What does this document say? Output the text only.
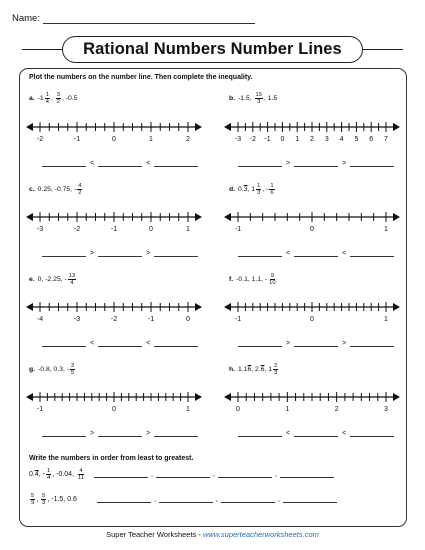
Name:
Rational Numbers Number Lines
Plot the numbers on the number line. Then complete the inequality.
a. $-1 \frac{1}{4}$ , $\frac{3}{2}$ , -0.5	b. -1.5, $\frac{15}{3}$ , 1.5
c. 0.25, -0.75, - $\frac{4}{2}$	d. 0.3, $1 \frac{1}{3}$ , - $\frac{1}{6}$
e. 0, -2.25, - $\frac{13}{4}$	f. -0.1, 1.1, - $\frac{9}{10}$
g. -0.8, 0.3, - $\frac{3}{5}$	h. 1.16, 2.6, $1 \frac{2}{3}$
-2	-1	0	1	2	-3 -2 -1 0 1 2 3 4 5 6 7
-3	-2	-1	0	1	-1	0	1
-4	-3	-2	-1	0	-1	0	1
-1	0	1	0	1	2	3
<	<	>	>
>	>	<	<
<	<	>	>
>	>	<	<
Write the numbers in order from least to greatest.
0.4, - $\frac{1}{4}$ , -0.04, $\frac{4}{11}$	,	,	,
$\frac{5}{9}$ , $\frac{5}{3}$ , -1.5, 0.6	,	,	,
Super Teacher Worksheets - www.superteacherworksheets.com
